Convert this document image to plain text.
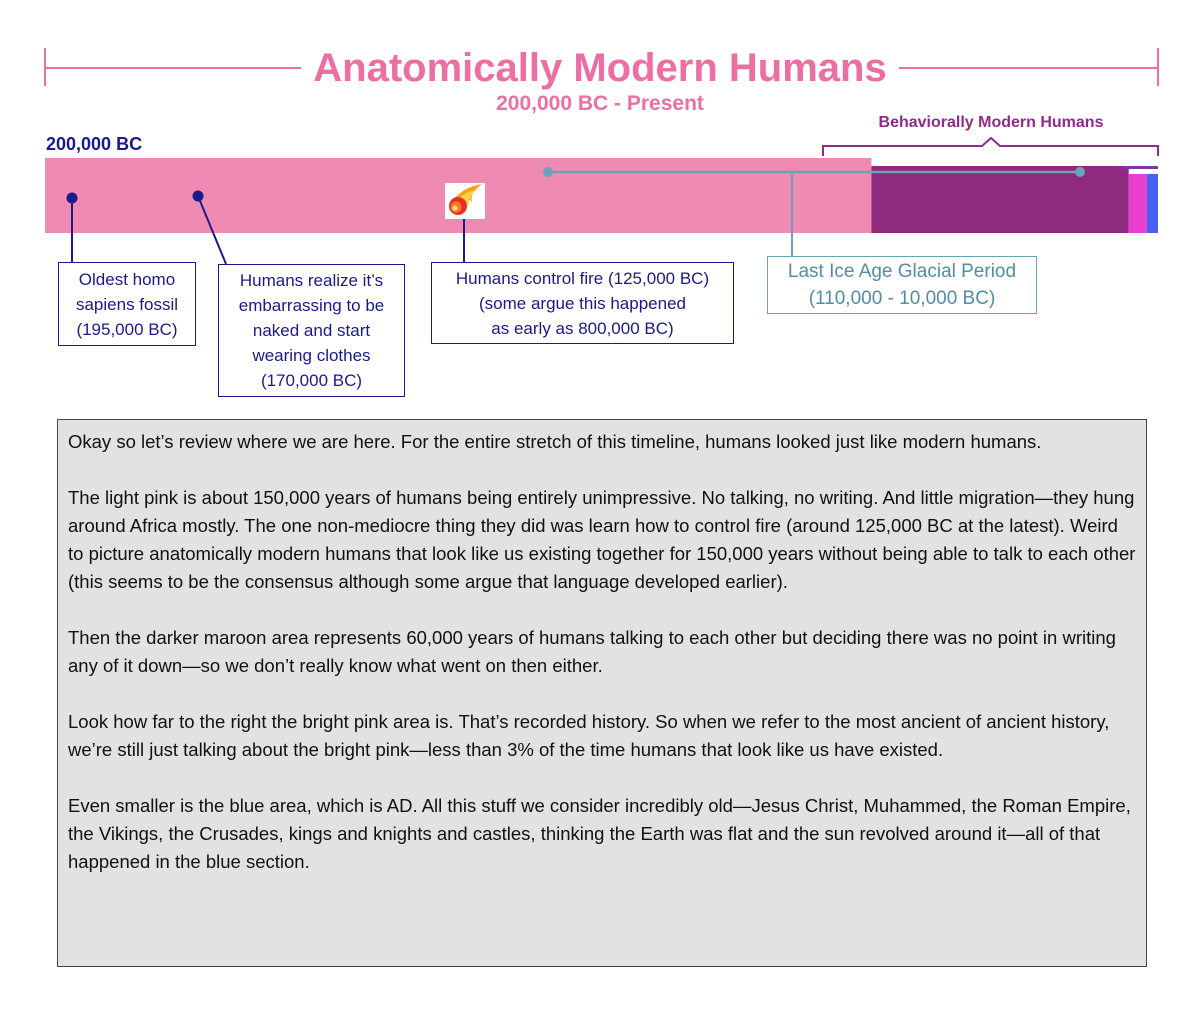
Anatomically Modern Humans
200,000 BC - Present
200,000 BC
Behaviorally Modern Humans
Oldest homo
sapiens fossil
(195,000 BC)
Humans realize it’s
embarrassing to be
naked and start
wearing clothes
(170,000 BC)
Humans control fire (125,000 BC)
(some argue this happened
as early as 800,000 BC)
Last Ice Age Glacial Period
(110,000 - 10,000 BC)

Okay so let’s review where we are here. For the entire stretch of this timeline, humans looked just like modern humans.

The light pink is about 150,000 years of humans being entirely unimpressive. No talking, no writing. And little migration—they hung around Africa mostly. The one non-mediocre thing they did was learn how to control fire (around 125,000 BC at the latest). Weird to picture anatomically modern humans that look like us existing together for 150,000 years without being able to talk to each other (this seems to be the consensus although some argue that language developed earlier).

Then the darker maroon area represents 60,000 years of humans talking to each other but deciding there was no point in writing any of it down—so we don’t really know what went on then either.

Look how far to the right the bright pink area is. That’s recorded history. So when we refer to the most ancient of ancient history, we’re still just talking about the bright pink—less than 3% of the time humans that look like us have existed.

Even smaller is the blue area, which is AD. All this stuff we consider incredibly old—Jesus Christ, Muhammed, the Roman Empire, the Vikings, the Crusades, kings and knights and castles, thinking the Earth was flat and the sun revolved around it—all of that happened in the blue section.
